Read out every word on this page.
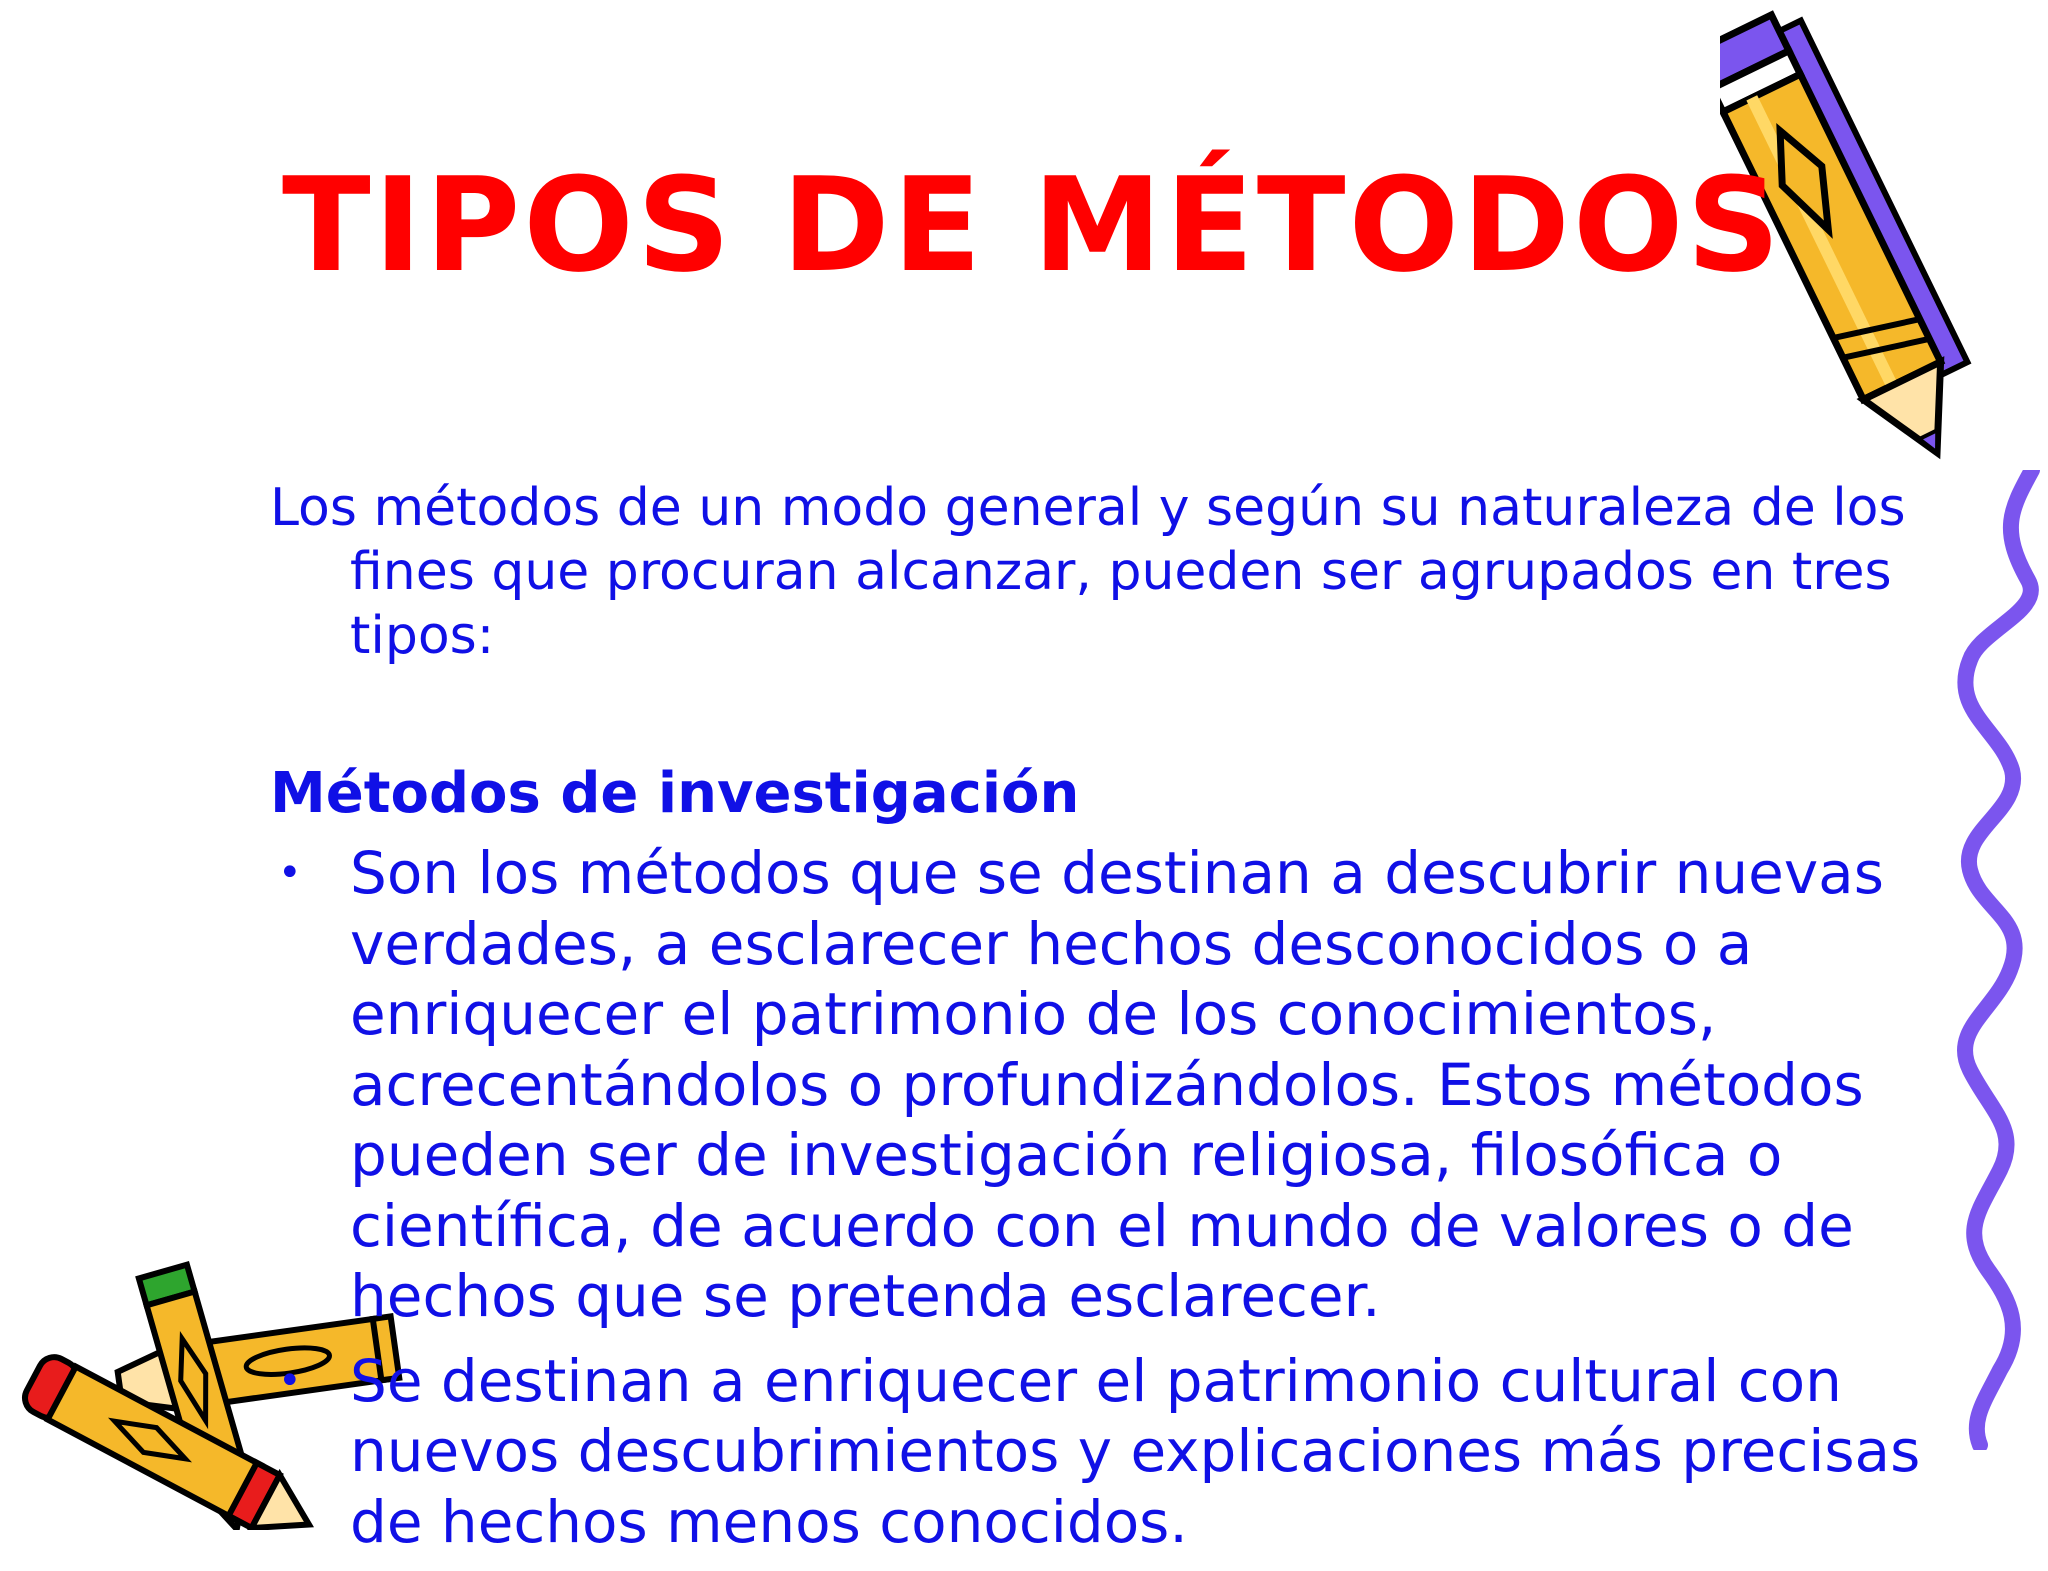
TIPOS DE MÉTODOS

Los métodos de un modo general y según su naturaleza de los
fines que procuran alcanzar, pueden ser agrupados en tres
tipos:

Métodos de investigación
• Son los métodos que se destinan a descubrir nuevas
verdades, a esclarecer hechos desconocidos o a
enriquecer el patrimonio de los conocimientos,
acrecentándolos o profundizándolos. Estos métodos
pueden ser de investigación religiosa, filosófica o
científica, de acuerdo con el mundo de valores o de
hechos que se pretenda esclarecer.
• Se destinan a enriquecer el patrimonio cultural con
nuevos descubrimientos y explicaciones más precisas
de hechos menos conocidos.
